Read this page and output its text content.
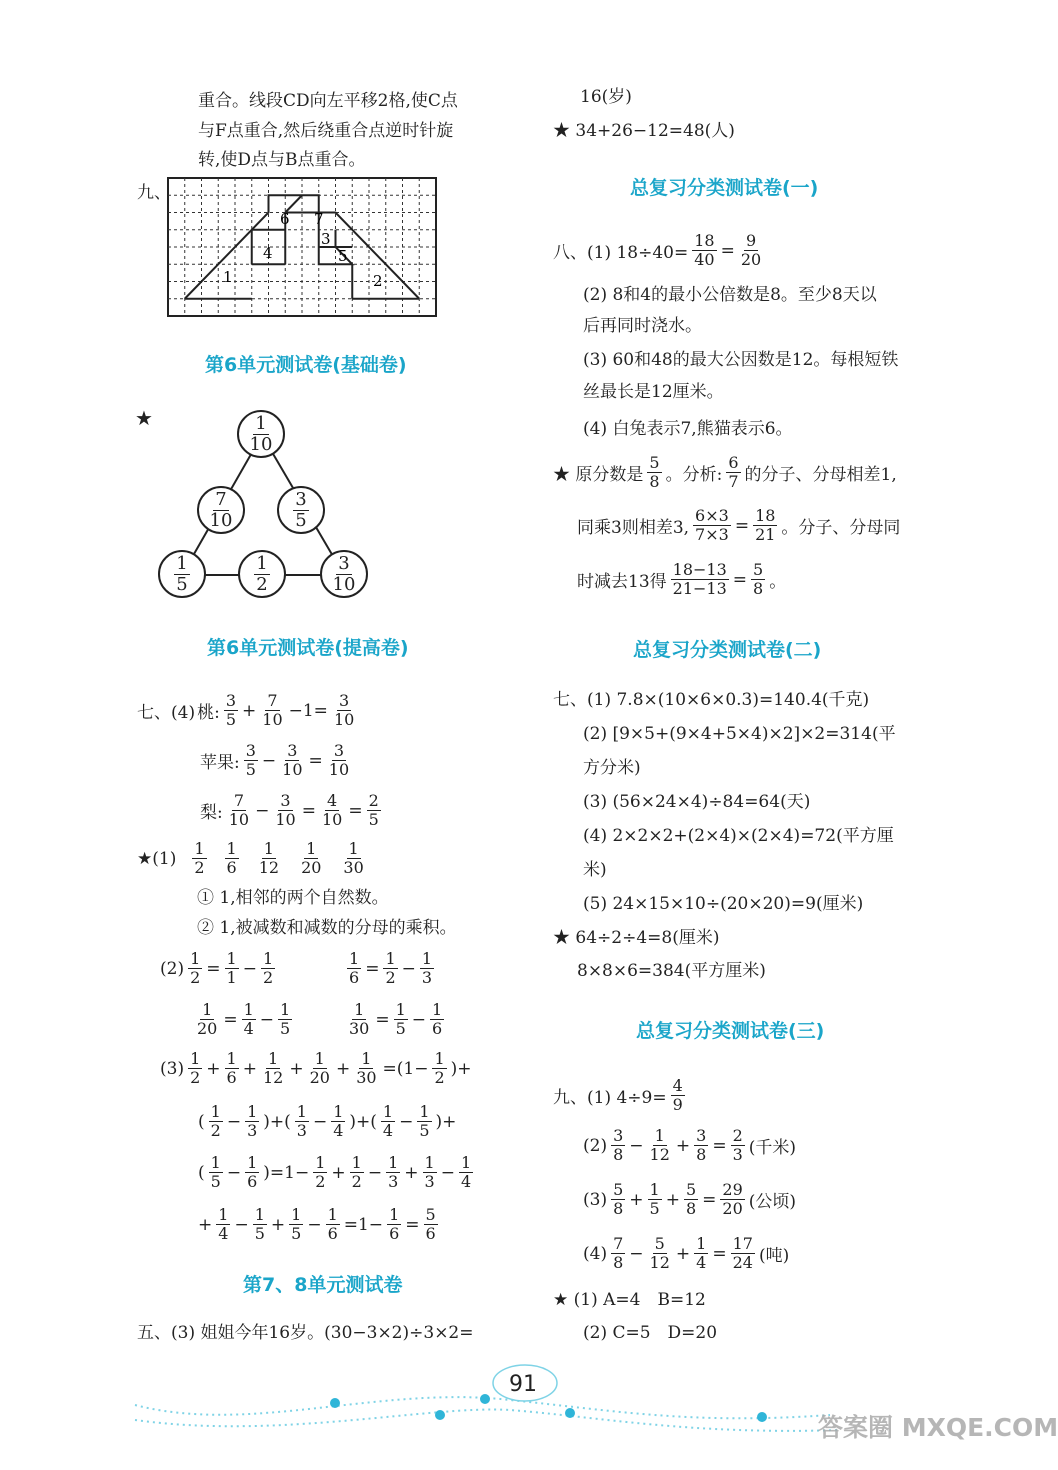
重合。线段CD向左平移2格,使C点
与F点重合,然后绕重合点逆时针旋
转,使D点与B点重合。
九、
1	2
3
4	5
6 7
第6单元测试卷(基础卷)
★	$\frac{1}{10}$
$\frac{7}{10}$	$\frac{3}{5}$
$\frac{1}{5}$	$\frac{1}{2}$	$\frac{3}{10}$
第6单元测试卷(提高卷)
七、(4) 桃: $\frac{3}{5} + \frac{7}{10} -1= \frac{3}{10}$
苹果: $\frac{3}{5} - \frac{3}{10} = \frac{3}{10}$
梨: $\frac{7}{10} - \frac{3}{10} = \frac{4}{10} = \frac{2}{5}$
★(1) $\frac{1}{2} \frac{1}{6} \frac{1}{12} \frac{1}{20} \frac{1}{30}$
① 1,相邻的两个自然数。
② 1,被减数和减数的分母的乘积。
$(2) \frac{1}{2} = \frac{1}{1} - \frac{1}{2}$	$\frac{1}{6} = \frac{1}{2} - \frac{1}{3}$
$\frac{1}{20} = \frac{1}{4} - \frac{1}{5}$	$\frac{1}{30} = \frac{1}{5} - \frac{1}{6}$
$(3) \frac{1}{2} + \frac{1}{6} + \frac{1}{12} + \frac{1}{20} + \frac{1}{30} =(1- \frac{1}{2}$ )+
( $\frac{1}{2} - \frac{1}{3}$ )+( $\frac{1}{3} - \frac{1}{4}$ )+( $\frac{1}{4} - \frac{1}{5}$ )+
( $\frac{1}{5} - \frac{1}{6} )=1- \frac{1}{2} + \frac{1}{2} - \frac{1}{3} + \frac{1}{3} - \frac{1}{4}$
+ $\frac{1}{4} - \frac{1}{5} + \frac{1}{5} - \frac{1}{6} =1- \frac{1}{6} = \frac{5}{6}$
第7、8单元测试卷
五、(3) 姐姐今年16岁。(30−3×2)÷3×2=
16(岁)
★ 34+26−12=48(人)
总复习分类测试卷(一)
八、(1) $18\div 40= \frac{18}{40} = \frac{9}{20}$
(2) 8和4的最小公倍数是8。至少8天以
后再同时浇水。
(3) 60和48的最大公因数是12。每根短铁
丝最长是12厘米。
(4) 白兔表示7,熊猫表示6。
★ 原分数是 $\frac{5}{8}$ 。分析: $\frac{6}{7}$ 的分子、分母相差1,
同乘3则相差3, $\frac{6\times 3}{7\times 3} = \frac{18}{21}$ 。分子、分母同
时减去13得 $\frac{18-13}{21-13} = \frac{5}{8}$ 。
总复习分类测试卷(二)
七、(1) 7.8×(10×6×0.3)=140.4(千克)
(2) [9×5+(9×4+5×4)×2]×2=314(平
方分米)
(3) (56×24×4)÷84=64(天)
(4) 2×2×2+(2×4)×(2×4)=72(平方厘
米)
(5) 24×15×10÷(20×20)=9(厘米)
★ 64÷2÷4=8(厘米)
8×8×6=384(平方厘米)
总复习分类测试卷(三)
九、(1) $4\div 9= \frac{4}{9}$
$(2) \frac{3}{8} - \frac{1}{12} + \frac{3}{8} = \frac{2}{3}$ (千米)
$(3) \frac{5}{8} + \frac{1}{5} + \frac{5}{8} = \frac{29}{20}$ (公顷)
$(4) \frac{7}{8} - \frac{5}{12} + \frac{1}{4} = \frac{17}{24}$ (吨)
★ (1) A=4　B=12
(2) C=5　D=20
91
答案圈 MXQE.COM
